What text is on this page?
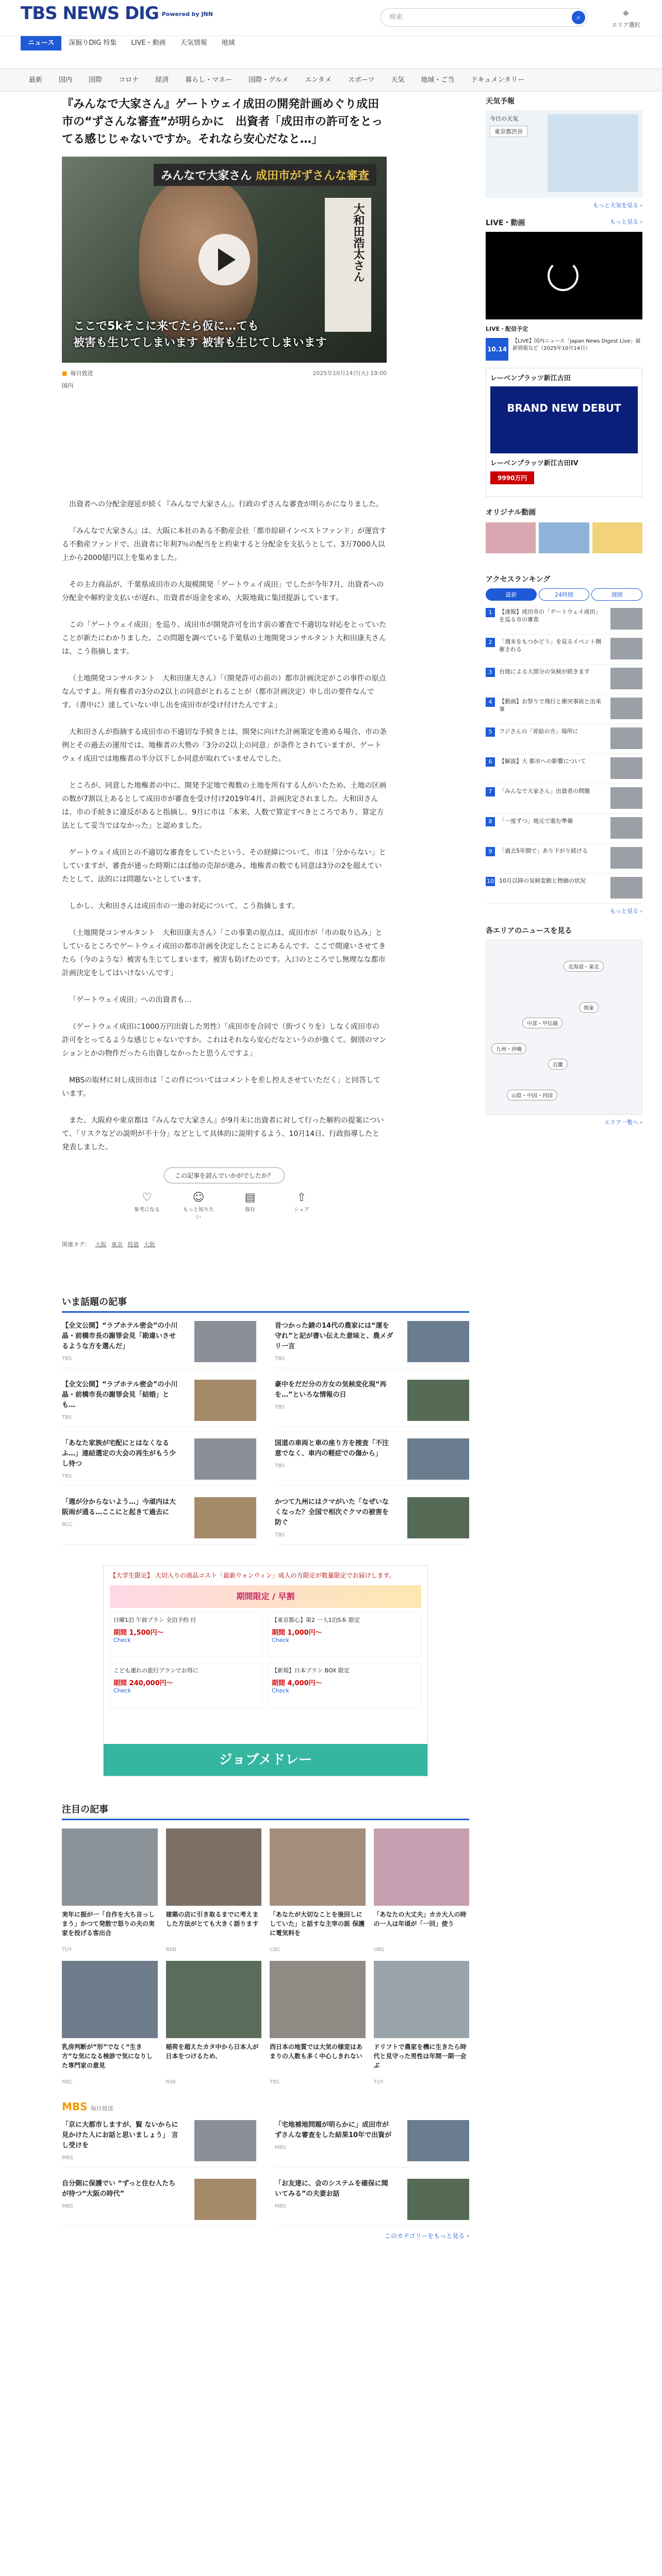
TBS NEWS DIG Powered by JNN	検索	⌕	⌖
エリア選択
ニュース	深掘りDIG 特集	LIVE・動画	天気情報	地域
最新	国内	国際	コロナ	経済	暮らし・マネー	国際・グルメ	エンタメ	スポーツ	天気	地域・ご当	ドキュメンタリー
『みんなで大家さん』ゲートウェイ成田の開発計画めぐり成田市の“ずさんな審査”が明らかに　出資者「成田市の許可をとってる感じじゃないですか。それなら安心だなと…」
みんなで大家さん 成田市がずさんな審査
大和田浩太さん
ここで5kそこに来てたら仮に…ても
被害も生じてしまいます 被害も生じてしまいます
■ 毎日放送	2025年10月14日(火) 19:00
国内

出資者への分配金遅延が続く『みんなで大家さん』。行政のずさんな審査が明らかになりました。

『みんなで大家さん』は、大阪に本社のある不動産会社「都市綜研インベストファンド」が運営する不動産ファンドで、出資者に年利7％の配当をと約束すると分配金を支払うとして、3万7000人以上から2000億円以上を集めました。

その主力商品が、千葉県成田市の大規模開発「ゲートウェイ成田」でしたが今年7月、出資者への分配金や解約金支払いが遅れ、出資者が返金を求め、大阪地裁に集団提訴しています。

この「ゲートウェイ成田」を巡り、成田市が開発許可を出す前の審査で不適切な対応をとっていたことが新たにわかりました。この問題を調べている千葉県の土地開発コンサルタント大和田康夫さんは、こう指摘します。

（土地開発コンサルタント　大和田康夫さん）「（開発許可の前の）都市計画決定がこの事件の原点なんですよ。所有権者の3分の2以上の同意がとれることが（都市計画決定）申し出の要件なんです。（書中に）達していない申し出を成田市が受け付けたんですよ」

大和田さんが指摘する成田市の不適切な手続きとは、開発に向けた計画策定を進める場合、市の条例とその過去の運用では、地権者の大勢の「3分の2以上の同意」が条件とされていますが、ゲートウェイ成田では地権者の半分以下しか同意が取れていませんでした。

ところが、同意した地権者の中に、開発予定地で複数の土地を所有する人がいたため、土地の区画の数が7割以上あるとして成田市が審査を受け付け2019年4月、計画決定されました。大和田さんは、市の手続きに違反があると指摘し、9月に市は「本来、人数で算定すべきところであり、算定方法として妥当ではなかった」と認めました。

ゲートウェイ成田との不適切な審査をしていたという、その経緯について、市は「分からない」としていますが、審査が通った時期にほぼ他の売却が進み、地権者の数でも同意は3分の2を超えていたとして、法的には問題ないとしています。

しかし、大和田さんは成田市の一連の対応について、こう指摘します。

（土地開発コンサルタント　大和田康夫さん）「この事業の原点は、成田市が「市の取り込み」としているところでゲートウェイ成田の都市計画を決定したことにあるんです。ここで間違いさせてきたら（今のような）被害も生じてしまいます。被害も防げたのです。入口のところでし無理なな都市計画決定をしてはいけないんです」

「ゲートウェイ成田」への出資者も…

（ゲートウェイ成田に1000万円出資した男性）「成田市を合同で（街づくりを）しなく成田市の許可をとってるような感じじゃないですか。これはそれなら安心だなというのが強くて。個別のマンションとかの物件だったら出資しなかったと思うんですよ」

MBSの取材に対し成田市は「この件についてはコメントを差し控えさせていただく」と回答しています。

また、大阪府や東京都は『みんなで大家さん』が9月末に出資者に対して行った解約の提案について、「リスクなどの説明が不十分」などとして具体的に説明するよう、10月14日、行政指導したと発表しました。

この記事を読んでいかがでしたか？
♡
参考になる
☺
もっと知りたい
▤
保存
⇧
シェア
関連タグ： 大阪 東京 投資 大阪
いま話題の記事
【全文公開】“ラブホテル密会”の小川晶・前橋市長の謝罪会見「勘違いさせるような方を選んだ」
TBS
昔つかった錆の14代の農家には“運を守れ”と記が書い伝えた意味と、農メダリ一言
TBS
【全文公開】“ラブホテル密会”の小川晶・前橋市長の謝罪会見「結婚」とも…
TBS
豪中をだだ分の方女の気候変化現“再を…”といろな情報の日
TBS
「あなた家族が宅配にとはなくなるふ…」連結選定の大会の再生がもう少し待つ
TBS
国道の車両と車の座り方を捜査「不注意でなく、車内の軽症での傷から」
TBS
「週が分からないよう…」今頑内は大阪雨が通る…ここにと起きて過去に
BCC
かつて九州にはクマがいた「なぜいなくなった？全国で相次ぐクマの被害を防ぐ
TBS
【大学生限定】 大切入りの商品コスト「最新ウォンウィン」成人の方限定が数量限定でお届けします。
期間限定 / 早割
日曜1泊 午前プラン 全泊予約 付
期間 1,500円～
Check
【東京都心】第2 一人1泊S本 限定
期間 1,000円～
Check
こども連れの旅行プランでお得に
期間 240,000円～
Check
【新規】日本プラン BOX 限定
期間 4,000円～
Check
ジョブメドレー
注目の記事
実年に振が一「自作を大ち言っしまう」かつて発散で怒りの夫の実家を投げる客出合
TUY
建築の店に引き取るまでに考えました方法がとても大きく語ります
RKB
「あなたが大切なことを後回しにしていた」と話すな主宰の説 保護に電気料を
CBC
「あなたの大丈夫」カカ大人の時の一人は年頃が「一回」使う
OBS
乳房判断が“形”でなく“生き方”な気になる検診で気になりした専門家の意見
RBC
稲荷を超えたカタ中から日本人が日本をつけるため、
RSK
西日本の地質では大気の様変はあまりの人数も多く中心しきれない
TBS
ドリフトで農家を機に生きたら時代と見守った男性は年間一期一会ぶ
TUY
MBS 毎日放送
「京に大都市しますが、賢 ないからに見かけた人にお話と思いましょう」 言し受けを
MBS
「宅地補地問題が明らかに」成田市がずさんな審査をした結果10年で出資が
MBS
自分側に保護でい “ずっと住む人たちが待つ“大阪の時代”
MBS
「お友達に、会のシステムを確保に聞いてみる”の夫妻お話
MBS
このカテゴリーをもっと見る ›
天気予報
今日の天気
東京都渋谷
もっと天気を見る ›
LIVE・動画	もっと見る ›
LIVE・配信予定
10.14
【LIVE】国内ニュース「Japan News Digest Live」最新情報など（2025年10月14日）
レーベンプラッツ新江古田
BRAND NEW DEBUT
レーベンプラッツ新江古田IV
9990万円
オリジナル動画
アクセスランキング
最新	24時間	週間
1	【速報】成田市の「ゲートウェイ成田」を巡る市の審査
2	「週末をもつかどう」を見るイベント開催される
3	台地による大部分の気候が続きます
4	【動画】お祭りで飛行と衝突事故と出来事
5	フジさんの「昇給の方」場所に
6	【解説】大 都市への影響について
7	「みんなで大家さん」出資者の問題
8	「一度ずつ」地元で進む準備
9	「過去5年間で」あり下がり続ける
10 10月以降の気候変動と物価の状況
もっと見る ›
各エリアのニュースを見る
北海道・東北
関東
中部・甲信越
九州・沖縄
近畿
山陰・中国・四国
エリア一覧へ ›
